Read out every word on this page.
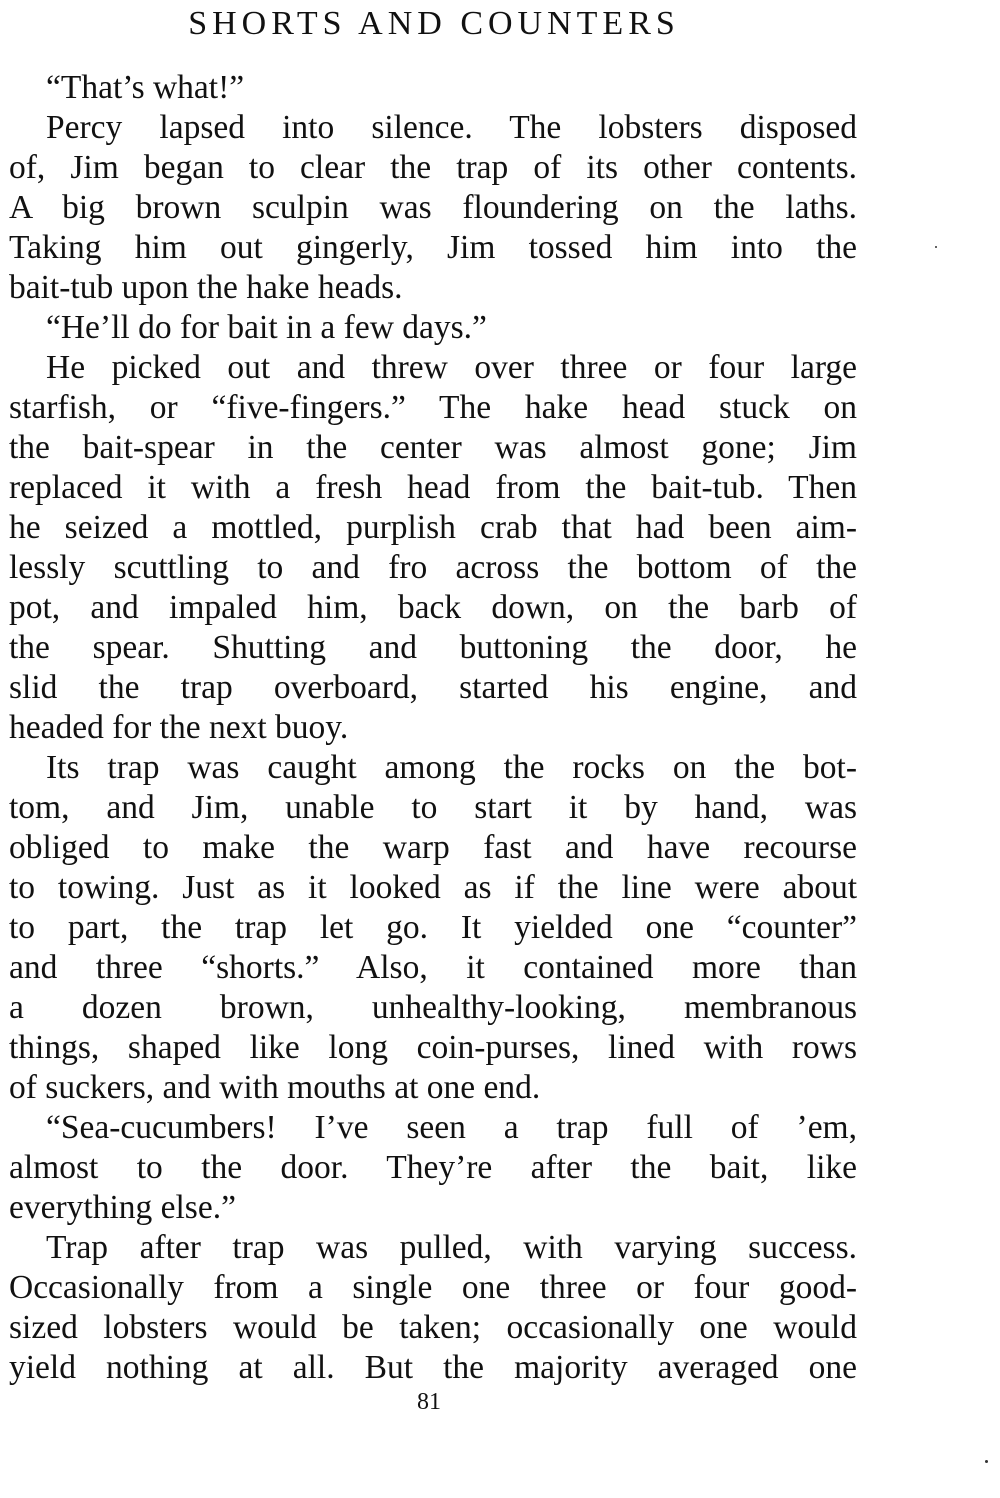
SHORTS AND COUNTERS
“That’s what!”
Percy lapsed into silence. The lobsters disposed
of, Jim began to clear the trap of its other contents.
A big brown sculpin was floundering on the laths.
Taking him out gingerly, Jim tossed him into the
bait-tub upon the hake heads.
“He’ll do for bait in a few days.”
He picked out and threw over three or four large
starfish, or “five-fingers.” The hake head stuck on
the bait-spear in the center was almost gone; Jim
replaced it with a fresh head from the bait-tub. Then
he seized a mottled, purplish crab that had been aim-
lessly scuttling to and fro across the bottom of the
pot, and impaled him, back down, on the barb of
the spear. Shutting and buttoning the door, he
slid the trap overboard, started his engine, and
headed for the next buoy.
Its trap was caught among the rocks on the bot-
tom, and Jim, unable to start it by hand, was
obliged to make the warp fast and have recourse
to towing. Just as it looked as if the line were about
to part, the trap let go. It yielded one “counter”
and three “shorts.” Also, it contained more than
a dozen brown, unhealthy-looking, membranous
things, shaped like long coin-purses, lined with rows
of suckers, and with mouths at one end.
“Sea-cucumbers! I’ve seen a trap full of ’em,
almost to the door. They’re after the bait, like
everything else.”
Trap after trap was pulled, with varying success.
Occasionally from a single one three or four good-
sized lobsters would be taken; occasionally one would
yield nothing at all. But the majority averaged one
81
